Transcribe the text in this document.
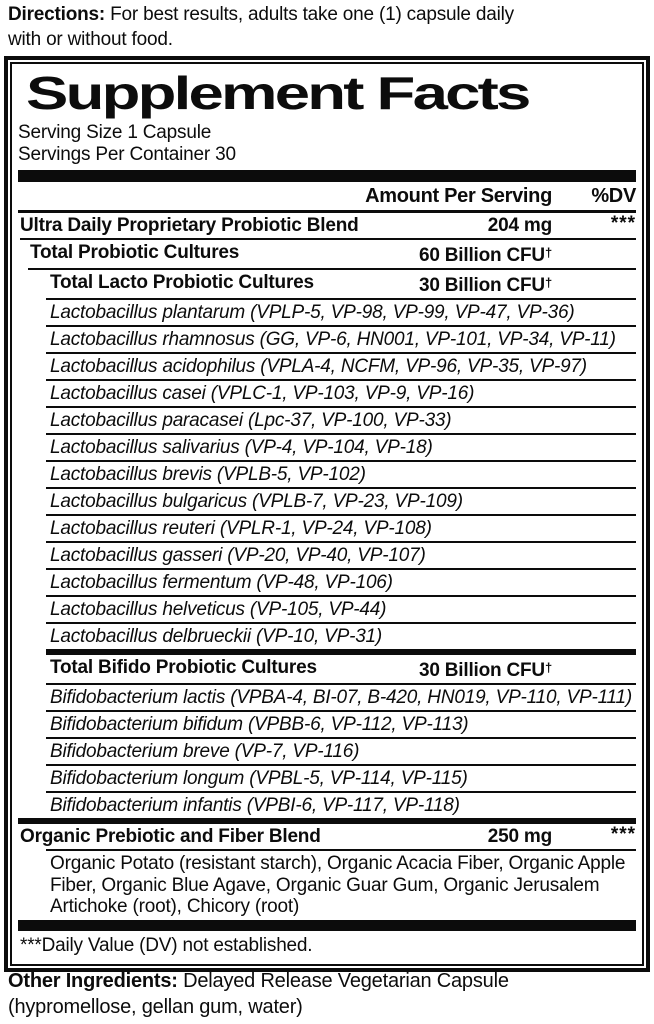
Directions: For best results, adults take one (1) capsule daily with or without food.
Supplement Facts
Serving Size 1 Capsule
Servings Per Container 30
Amount Per Serving	%DV
Ultra Daily Proprietary Probiotic Blend	204 mg	***
Total Probiotic Cultures	60 Billion CFU†
Total Lacto Probiotic Cultures	30 Billion CFU†
Lactobacillus plantarum (VPLP-5, VP-98, VP-99, VP-47, VP-36)
Lactobacillus rhamnosus (GG, VP-6, HN001, VP-101, VP-34, VP-11)
Lactobacillus acidophilus (VPLA-4, NCFM, VP-96, VP-35, VP-97)
Lactobacillus casei (VPLC-1, VP-103, VP-9, VP-16)
Lactobacillus paracasei (Lpc-37, VP-100, VP-33)
Lactobacillus salivarius (VP-4, VP-104, VP-18)
Lactobacillus brevis (VPLB-5, VP-102)
Lactobacillus bulgaricus (VPLB-7, VP-23, VP-109)
Lactobacillus reuteri (VPLR-1, VP-24, VP-108)
Lactobacillus gasseri (VP-20, VP-40, VP-107)
Lactobacillus fermentum (VP-48, VP-106)
Lactobacillus helveticus (VP-105, VP-44)
Lactobacillus delbrueckii (VP-10, VP-31)
Total Bifido Probiotic Cultures	30 Billion CFU†
Bifidobacterium lactis (VPBA-4, BI-07, B-420, HN019, VP-110, VP-111)
Bifidobacterium bifidum (VPBB-6, VP-112, VP-113)
Bifidobacterium breve (VP-7, VP-116)
Bifidobacterium longum (VPBL-5, VP-114, VP-115)
Bifidobacterium infantis (VPBI-6, VP-117, VP-118)
Organic Prebiotic and Fiber Blend	250 mg	***
Organic Potato (resistant starch), Organic Acacia Fiber, Organic Apple Fiber, Organic Blue Agave, Organic Guar Gum, Organic Jerusalem Artichoke (root), Chicory (root)
***Daily Value (DV) not established.
Other Ingredients: Delayed Release Vegetarian Capsule (hypromellose, gellan gum, water)
